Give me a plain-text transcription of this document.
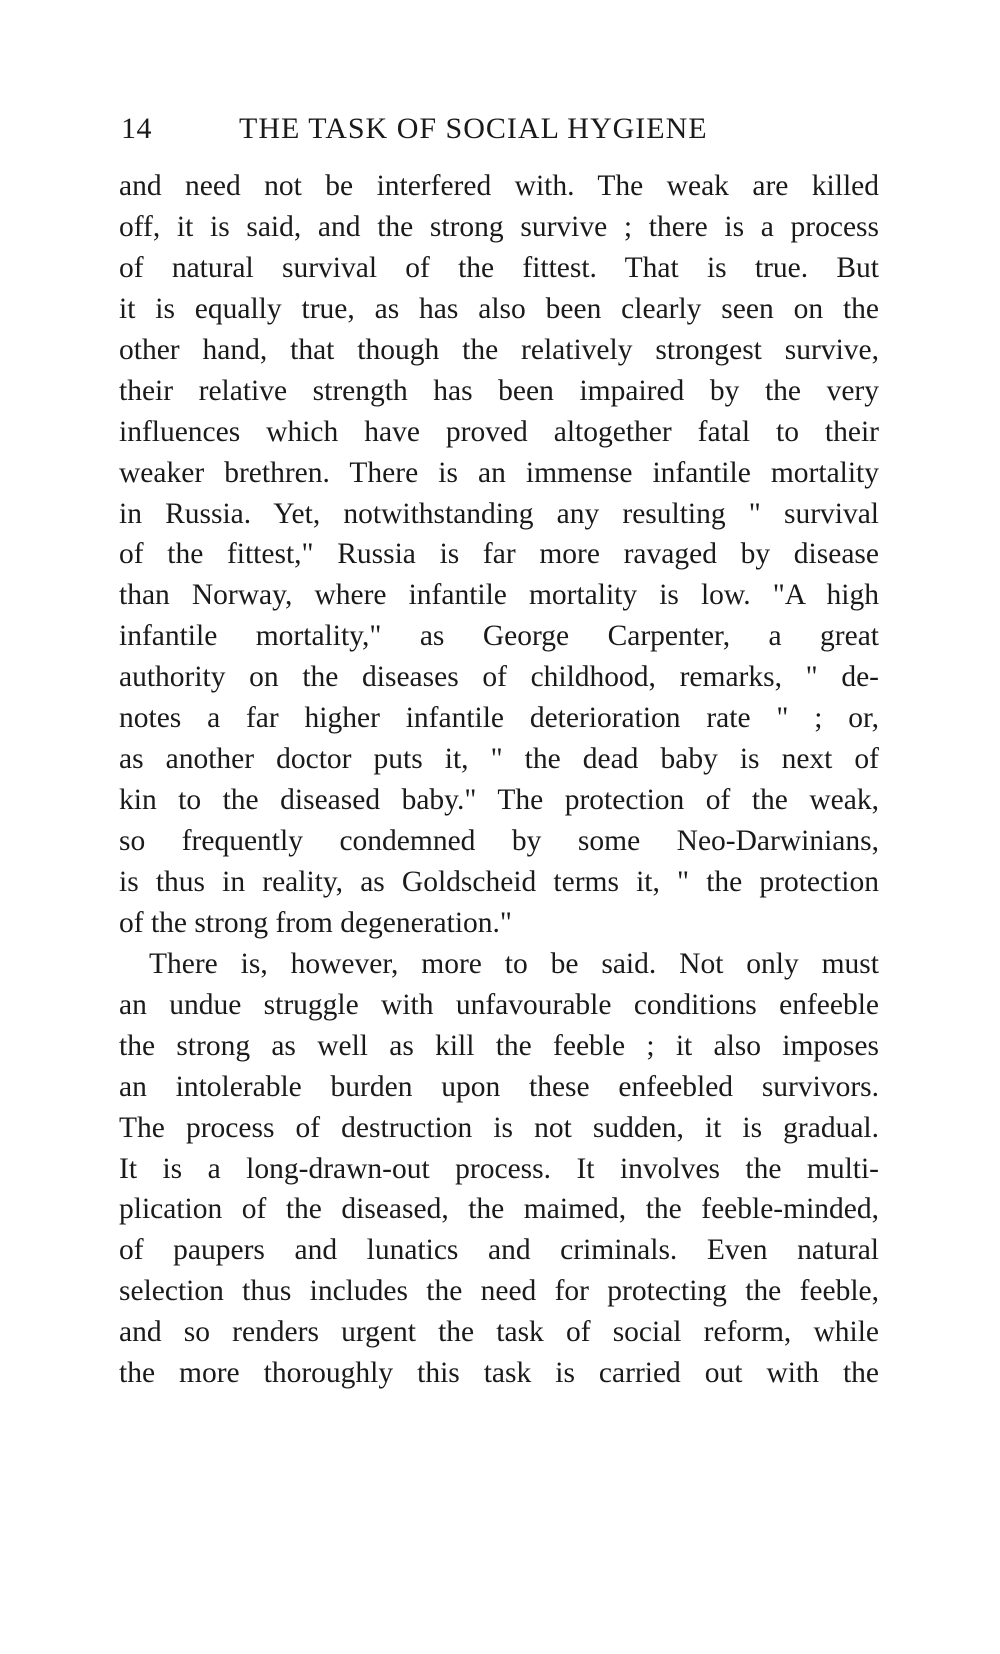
14	THE TASK OF SOCIAL HYGIENE
and need not be interfered with. The weak are killed
off, it is said, and the strong survive ; there is a process
of natural survival of the fittest. That is true. But
it is equally true, as has also been clearly seen on the
other hand, that though the relatively strongest survive,
their relative strength has been impaired by the very
influences which have proved altogether fatal to their
weaker brethren. There is an immense infantile mortality
in Russia. Yet, notwithstanding any resulting " survival
of the fittest," Russia is far more ravaged by disease
than Norway, where infantile mortality is low. "A high
infantile mortality," as George Carpenter, a great
authority on the diseases of childhood, remarks, " de-
notes a far higher infantile deterioration rate " ; or,
as another doctor puts it, " the dead baby is next of
kin to the diseased baby." The protection of the weak,
so frequently condemned by some Neo-Darwinians,
is thus in reality, as Goldscheid terms it, " the protection
of the strong from degeneration."
There is, however, more to be said. Not only must
an undue struggle with unfavourable conditions enfeeble
the strong as well as kill the feeble ; it also imposes
an intolerable burden upon these enfeebled survivors.
The process of destruction is not sudden, it is gradual.
It is a long-drawn-out process. It involves the multi-
plication of the diseased, the maimed, the feeble-minded,
of paupers and lunatics and criminals. Even natural
selection thus includes the need for protecting the feeble,
and so renders urgent the task of social reform, while
the more thoroughly this task is carried out with the
